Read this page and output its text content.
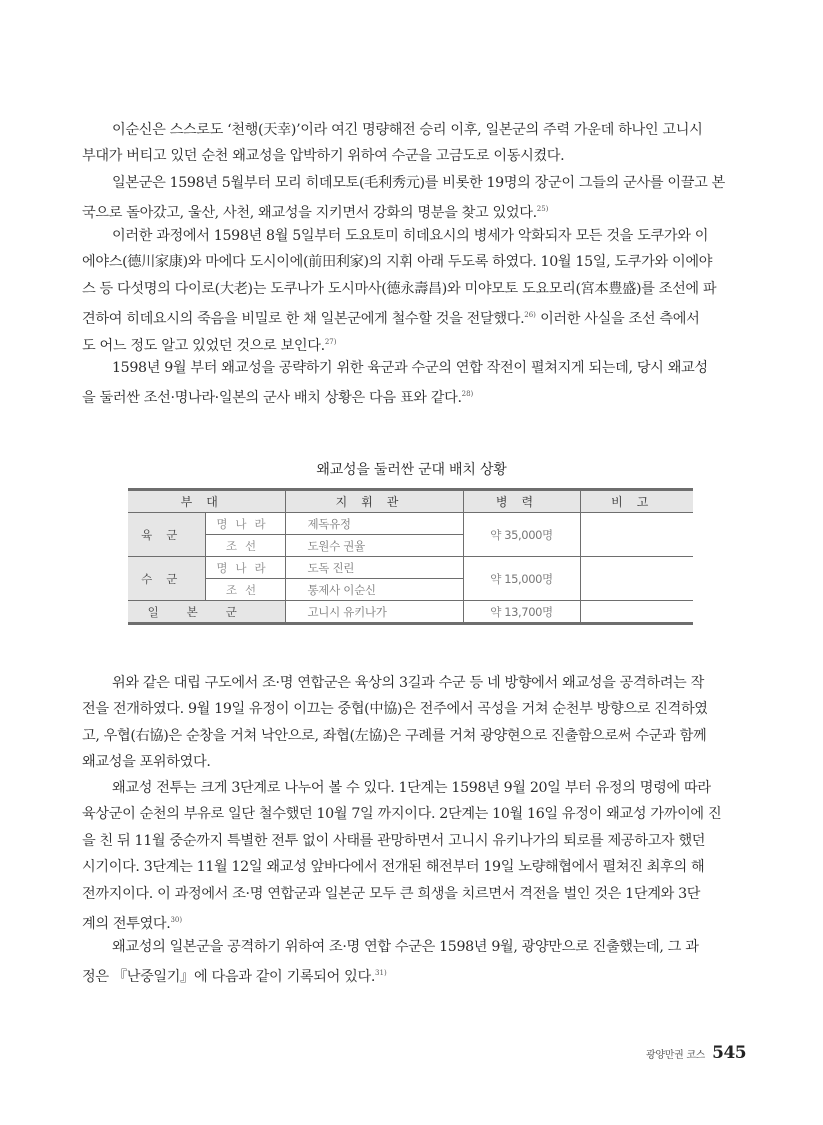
이순신은 스스로도 ‘천행(天幸)’이라 여긴 명량해전 승리 이후, 일본군의 주력 가운데 하나인 고니시
부대가 버티고 있던 순천 왜교성을 압박하기 위하여 수군을 고금도로 이동시켰다.
일본군은 1598년 5월부터 모리 히데모토(毛利秀元)를 비롯한 19명의 장군이 그들의 군사를 이끌고 본
국으로 돌아갔고, 울산, 사천, 왜교성을 지키면서 강화의 명분을 찾고 있었다.$^{25)}$
이러한 과정에서 1598년 8월 5일부터 도요토미 히데요시의 병세가 악화되자 모든 것을 도쿠가와 이
에야스(德川家康)와 마에다 도시이에(前田利家)의 지휘 아래 두도록 하였다. 10월 15일, 도쿠가와 이에야
스 등 다섯명의 다이로(大老)는 도쿠나가 도시마사(德永壽昌)와 미야모토 도요모리(宮本豊盛)를 조선에 파
견하여 히데요시의 죽음을 비밀로 한 채 일본군에게 철수할 것을 전달했다.$^{26)}$ 이러한 사실을 조선 측에서
도 어느 정도 알고 있었던 것으로 보인다.$^{27)}$
1598년 9월 부터 왜교성을 공략하기 위한 육군과 수군의 연합 작전이 펼쳐지게 되는데, 당시 왜교성
을 둘러싼 조선·명나라·일본의 군사 배치 상황은 다음 표와 같다.$^{28)}$
왜교성을 둘러싼 군대 배치 상황
부대		지휘관	병력	비고
육군	명나라	제독유정	약 35,000명	
	조선	도원수 권율		
수군	명나라	도독 진린	약 15,000명	
	조선	통제사 이순신		
일본군		고니시 유키나가	약 13,700명	
위와 같은 대립 구도에서 조·명 연합군은 육상의 3길과 수군 등 네 방향에서 왜교성을 공격하려는 작
전을 전개하였다. 9월 19일 유정이 이끄는 중협(中協)은 전주에서 곡성을 거쳐 순천부 방향으로 진격하였
고, 우협(右協)은 순창을 거쳐 낙안으로, 좌협(左協)은 구례를 거쳐 광양현으로 진출함으로써 수군과 함께
왜교성을 포위하였다.
왜교성 전투는 크게 3단계로 나누어 볼 수 있다. 1단계는 1598년 9월 20일 부터 유정의 명령에 따라
육상군이 순천의 부유로 일단 철수했던 10월 7일 까지이다. 2단계는 10월 16일 유정이 왜교성 가까이에 진
을 친 뒤 11월 중순까지 특별한 전투 없이 사태를 관망하면서 고니시 유키나가의 퇴로를 제공하고자 했던
시기이다. 3단계는 11월 12일 왜교성 앞바다에서 전개된 해전부터 19일 노량해협에서 펼쳐진 최후의 해
전까지이다. 이 과정에서 조·명 연합군과 일본군 모두 큰 희생을 치르면서 격전을 벌인 것은 1단계와 3단
계의 전투였다.$^{30)}$
왜교성의 일본군을 공격하기 위하여 조·명 연합 수군은 1598년 9월, 광양만으로 진출했는데, 그 과
정은 『난중일기』에 다음과 같이 기록되어 있다.$^{31)}$
광양만권 코스 545
